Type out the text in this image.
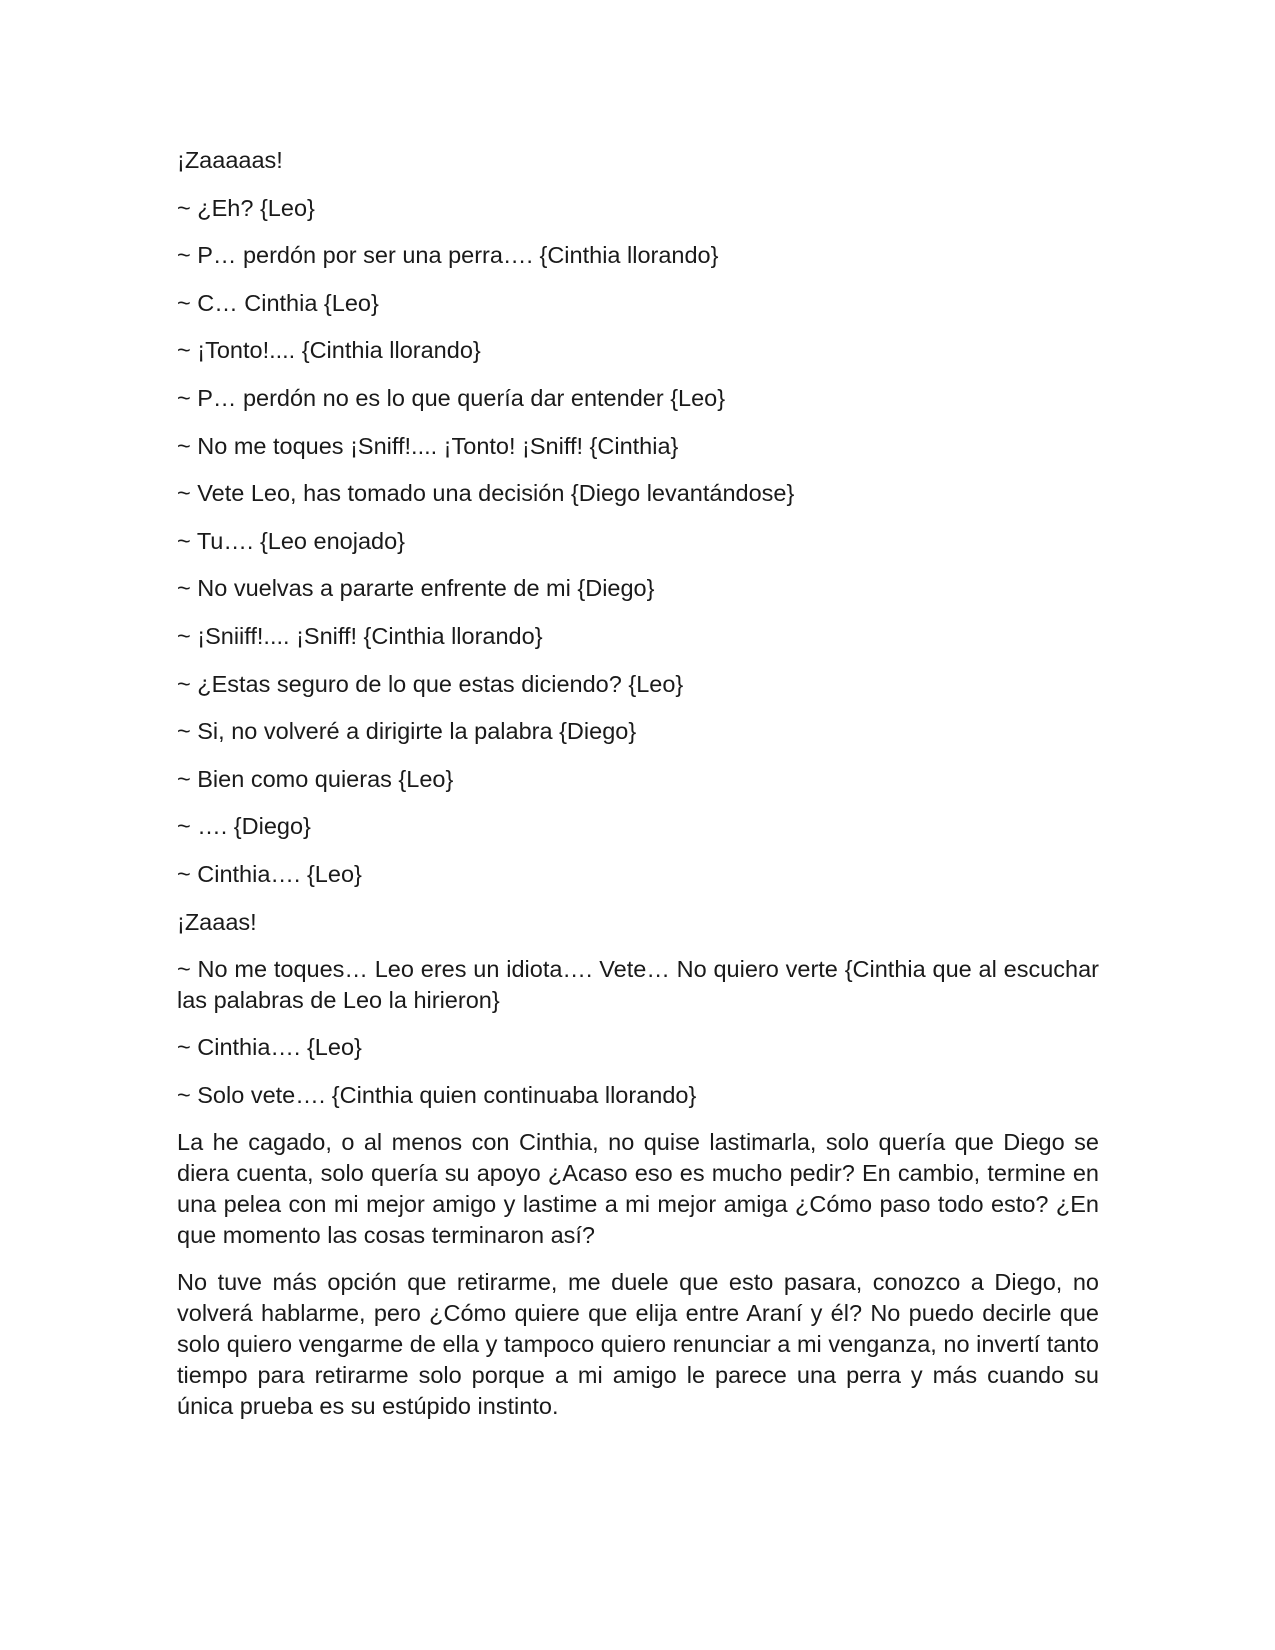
¡Zaaaaas!
~ ¿Eh? {Leo}
~ P… perdón por ser una perra…. {Cinthia llorando}
~ C… Cinthia {Leo}
~ ¡Tonto!.... {Cinthia llorando}
~ P… perdón no es lo que quería dar entender {Leo}
~ No me toques ¡Sniff!.... ¡Tonto! ¡Sniff! {Cinthia}
~ Vete Leo, has tomado una decisión {Diego levantándose}
~ Tu…. {Leo enojado}
~ No vuelvas a pararte enfrente de mi {Diego}
~ ¡Sniiff!.... ¡Sniff! {Cinthia llorando}
~ ¿Estas seguro de lo que estas diciendo? {Leo}
~ Si, no volveré a dirigirte la palabra {Diego}
~ Bien como quieras {Leo}
~ …. {Diego}
~ Cinthia…. {Leo}
¡Zaaas!
~ No me toques… Leo eres un idiota…. Vete… No quiero verte {Cinthia que al escuchar las palabras de Leo la hirieron}
~ Cinthia…. {Leo}
~ Solo vete…. {Cinthia quien continuaba llorando}
La he cagado, o al menos con Cinthia, no quise lastimarla, solo quería que Diego se diera cuenta, solo quería su apoyo ¿Acaso eso es mucho pedir? En cambio, termine en una pelea con mi mejor amigo y lastime a mi mejor amiga ¿Cómo paso todo esto? ¿En que momento las cosas terminaron así?
No tuve más opción que retirarme, me duele que esto pasara, conozco a Diego, no volverá hablarme, pero ¿Cómo quiere que elija entre Araní y él? No puedo decirle que solo quiero vengarme de ella y tampoco quiero renunciar a mi venganza, no invertí tanto tiempo para retirarme solo porque a mi amigo le parece una perra y más cuando su única prueba es su estúpido instinto.
